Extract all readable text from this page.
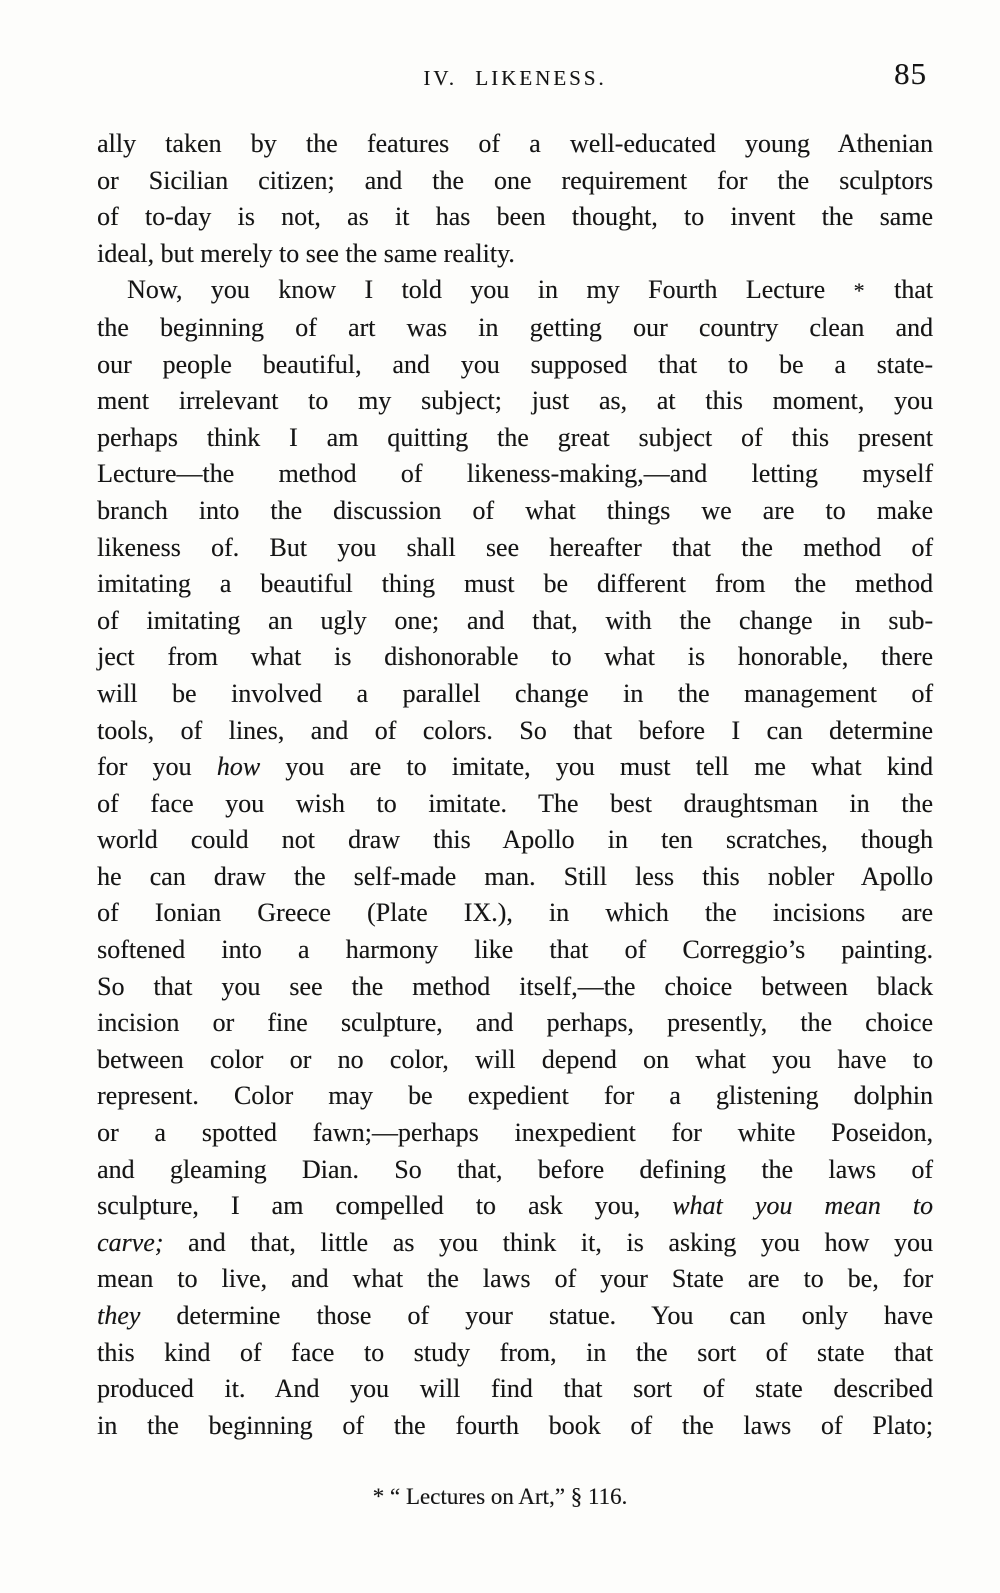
IV. LIKENESS.	85
ally taken by the features of a well-educated young Athenian
or Sicilian citizen; and the one requirement for the sculptors
of to-day is not, as it has been thought, to invent the same
ideal, but merely to see the same reality.
Now, you know I told you in my Fourth Lecture * that
the beginning of art was in getting our country clean and
our people beautiful, and you supposed that to be a state-
ment irrelevant to my subject; just as, at this moment, you
perhaps think I am quitting the great subject of this present
Lecture—the method of likeness-making,—and letting myself
branch into the discussion of what things we are to make
likeness of. But you shall see hereafter that the method of
imitating a beautiful thing must be different from the method
of imitating an ugly one; and that, with the change in sub-
ject from what is dishonorable to what is honorable, there
will be involved a parallel change in the management of
tools, of lines, and of colors. So that before I can determine
for you how you are to imitate, you must tell me what kind
of face you wish to imitate. The best draughtsman in the
world could not draw this Apollo in ten scratches, though
he can draw the self-made man. Still less this nobler Apollo
of Ionian Greece (Plate IX.), in which the incisions are
softened into a harmony like that of Correggio’s painting.
So that you see the method itself,—the choice between black
incision or fine sculpture, and perhaps, presently, the choice
between color or no color, will depend on what you have to
represent. Color may be expedient for a glistening dolphin
or a spotted fawn;—perhaps inexpedient for white Poseidon,
and gleaming Dian. So that, before defining the laws of
sculpture, I am compelled to ask you, what you mean to
carve; and that, little as you think it, is asking you how you
mean to live, and what the laws of your State are to be, for
they determine those of your statue. You can only have
this kind of face to study from, in the sort of state that
produced it. And you will find that sort of state described
in the beginning of the fourth book of the laws of Plato;
* “ Lectures on Art,” § 116.
